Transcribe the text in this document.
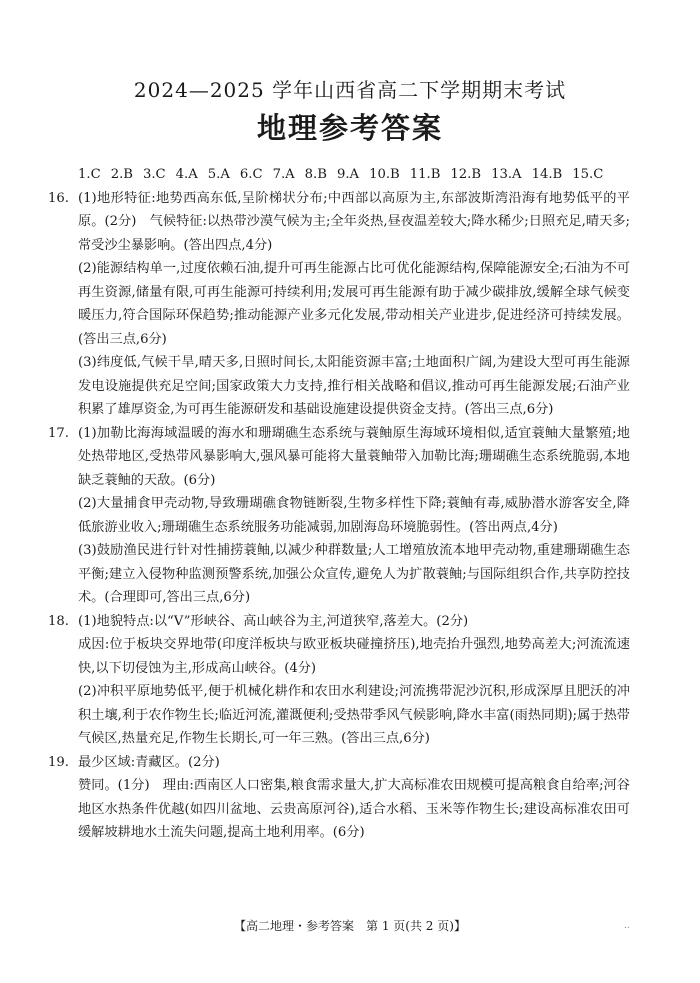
2024—2025 学年山西省高二下学期期末考试
地理参考答案
1.C 2.B 3.C 4.A 5.A 6.C 7.A 8.B 9.A 10.B 11.B 12.B 13.A 14.B 15.C
16. (1)地形特征:地势西高东低,呈阶梯状分布;中西部以高原为主,东部波斯湾沿海有地势低平的平原。(2分)　气候特征:以热带沙漠气候为主;全年炎热,昼夜温差较大;降水稀少;日照充足,晴天多;常受沙尘暴影响。(答出四点,4分)
(2)能源结构单一,过度依赖石油,提升可再生能源占比可优化能源结构,保障能源安全;石油为不可再生资源,储量有限,可再生能源可持续利用;发展可再生能源有助于减少碳排放,缓解全球气候变暖压力,符合国际环保趋势;推动能源产业多元化发展,带动相关产业进步,促进经济可持续发展。(答出三点,6分)
(3)纬度低,气候干旱,晴天多,日照时间长,太阳能资源丰富;土地面积广阔,为建设大型可再生能源发电设施提供充足空间;国家政策大力支持,推行相关战略和倡议,推动可再生能源发展;石油产业积累了雄厚资金,为可再生能源研发和基础设施建设提供资金支持。(答出三点,6分)
17. (1)加勒比海海域温暖的海水和珊瑚礁生态系统与蓑鲉原生海域环境相似,适宜蓑鲉大量繁殖;地处热带地区,受热带风暴影响大,强风暴可能将大量蓑鲉带入加勒比海;珊瑚礁生态系统脆弱,本地缺乏蓑鲉的天敌。(6分)
(2)大量捕食甲壳动物,导致珊瑚礁食物链断裂,生物多样性下降;蓑鲉有毒,威胁潜水游客安全,降低旅游业收入;珊瑚礁生态系统服务功能减弱,加剧海岛环境脆弱性。(答出两点,4分)
(3)鼓励渔民进行针对性捕捞蓑鲉,以减少种群数量;人工增殖放流本地甲壳动物,重建珊瑚礁生态平衡;建立入侵物种监测预警系统,加强公众宣传,避免人为扩散蓑鲉;与国际组织合作,共享防控技术。(合理即可,答出三点,6分)
18. (1)地貌特点:以“V”形峡谷、高山峡谷为主,河道狭窄,落差大。(2分)
成因:位于板块交界地带(印度洋板块与欧亚板块碰撞挤压),地壳抬升强烈,地势高差大;河流流速快,以下切侵蚀为主,形成高山峡谷。(4分)
(2)冲积平原地势低平,便于机械化耕作和农田水利建设;河流携带泥沙沉积,形成深厚且肥沃的冲积土壤,利于农作物生长;临近河流,灌溉便利;受热带季风气候影响,降水丰富(雨热同期);属于热带气候区,热量充足,作物生长期长,可一年三熟。(答出三点,6分)
19. 最少区域:青藏区。(2分)
赞同。(1分)　理由:西南区人口密集,粮食需求量大,扩大高标准农田规模可提高粮食自给率;河谷地区水热条件优越(如四川盆地、云贵高原河谷),适合水稻、玉米等作物生长;建设高标准农田可缓解坡耕地水土流失问题,提高土地利用率。(6分)
【高二地理・参考答案　第 1 页(共 2 页)】	..
